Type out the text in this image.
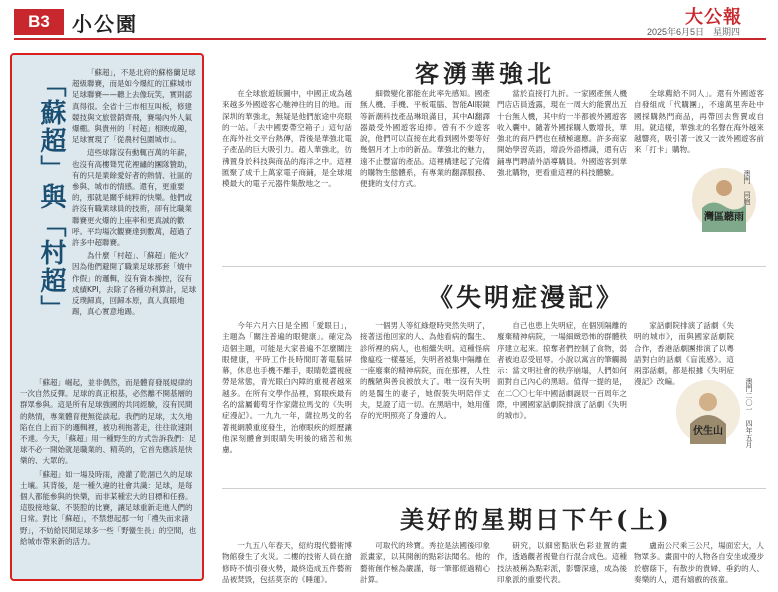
B3	小公園	大公報
2025年6月5日　星期四
「蘇超」與「村超」	「蘇超」，不是北府的蘇格蘭足球超級聯賽，而是如今爆紅的江蘇城市足球聯賽——聽上去像玩笑，實則認真得很。全省十三市相互叫板，修建競技與文旅營銷齊飛，賽場內外人氣爆棚。與貴州的「村超」相映成趣，足球實現了「從農村包圍城市」。

這些球隊沒有動輒百萬的年薪，也沒有高樓聳咒花裡繡的團隊贊助，有的只是業餘愛好者的熱情、社區的參與、城市的情感。還有，更重要的，那就是關乎純粹的快樂。他們或許沒有職業球員的技術，卻有比職業聯賽更火爆的上座率和更真誠的歡呼。平均場次觀賽達到數萬，超過了許多中超聯賽。

為什麼「村超」、「蘇超」能火？因為他們避開了職業足球那套「燒中作假」的邏輯，沒有資本操控，沒有成績KPI，去除了各種功利算計，足球反璞歸真，回歸本原，真人真眼地踢，真心實意地踢。

「蘇超」崛起，並非偶然，而是體育發展規律的一次自然反彈。足球的真正根基，必然離不開基層的群眾參與。這是所有足球強國的共同經驗，沒有民間的熱情，專業體育便無從談起。我們的足球，太久地陷在自上而下的邏輯裡，被功利拖著走，往往欲速則不達。今天，「蘇超」用一種野生的方式告訴我們：足球不必一開始就是職業的、精英的，它首先應該是快樂的、大眾的。

「蘇超」如一場及時雨，澆灌了乾涸已久的足球土壤。其背後，是一種久違的社會共識：足球，是每個人都能參與的快樂，而非某種宏大的目標和任務。這股接地氣、不裝腔的比賽，讓足球重新走進人們的日常。對比「蘇超」，不禁想起那一句「禮失而求諸野」，不妨給民間足球多一些「野蠻生長」的空間，也給城市帶來新的活力。

客湧華強北

在全球旅遊版圖中，中國正成為越來越多外國遊客心馳神往的目的地。而深圳的華強北，無疑是他們旅途中亮眼的一站。「去中國要帶空箱子」這句話在海外社交平台熱傳，背後是華強北電子產品的巨大吸引力。趙人華強北，彷彿置身於科技與商品的海洋之中。這裡匯聚了成千上萬家電子商鋪，是全球規模最大的電子元器件集散地之一。

細微變化都能在此率先感知。國產無人機、手機、平板電腦、智能AI眼鏡等新潮科技產品琳琅滿目，其中AI翻譯器最受外國遊客追捧。曾有不少遊客說，他們可以直接在此看到國外要等好幾個月才上市的新品。華強北的魅力，遠不止豐富的產品。這裡構建起了完備的購物生態體系，有專業的翻譯服務、便捷的支付方式。

當於直接打九折。一家國產無人機門店店員透露，現在一周大約能賣出五十台無人機，其中約一半都被外國遊客收入囊中。隨著外國採購人數增長，華強北的商戶們也在積極適應。許多商家開始學習英語，增設外語標識，還有店鋪專門聘請外語導購員。外國遊客到華強北購物，更看重這裡的科技體驗。

全球薦給不同人」。還有外國遊客自發組成「代購團」，不遠萬里奔赴中國採購熱門商品，再帶回去售賣或自用。就這樣，華強北的名聲在海外越來越響亮，吸引著一波又一波外國遊客前來「打卡」購物。

灣區聽雨
澳門　同胞
《失明症漫記》

今年六月六日是全國「愛眼日」，主題為「關注普遍的眼健康」。確定為這個主題，可能是大家普遍不怎麼關注眼健康，平時工作長時間盯著電腦屏幕，休息也手機不離手，眼睛乾澀視疲勞是常態，青光眼白內障的重視者越來越多。在所有文學作品裡，寫眼疾最有名的當屬葡萄牙作家薩拉馬戈的《失明症漫記》。一九九一年，薩拉馬戈的名著視網膜重度發生，治療眼疾的經歷讓他深刻體會到眼睛失明後的痛苦和焦慮。

一個男人等紅綠燈時突然失明了，接著送他回家的人、為他看病的醫生、診所裡的病人，也相繼失明。這種怪病像瘟疫一樣蔓延，失明者被集中隔離在一座廢棄的精神病院，而在那裡，人性的醜陋與善良被放大了。唯一沒有失明的是醫生的妻子，她假裝失明陪伴丈夫，見證了這一切。在黑暗中，她用僅存的光明照亮了身邊的人。

自己也患上失明症，在個別隔離的廢棄精神病院，一場細緻恐怖的群體秩序建立起來。掠奪者們控制了食物，弱者被迫忍受屈辱。小說以寓言的筆觸揭示：當文明社會的秩序崩塌，人們如何面對自己內心的黑暗。值得一提的是，在二〇〇七年中國話劇誕辰一百周年之際，中國國家話劇院排演了話劇《失明的城市》。

家話劇院排演了話劇《失明的城市》，而與國家話劇院合作，香港話劇團排演了以粵語對白的話劇《盲流感》。這兩部話劇，都是根據《失明症漫記》改編。

伏生山	澳門二〇一　四年五月
美好的星期日下午(上)

一九五八年春天，紹約現代藝術博物館發生了火災。二樓的技術人員在搶修時不慎引發火勢，最終造成五件藝術品被焚毀，包括莫奈的《睡蓮》。

可取代的珍寶。秀拉是法國後印象派畫家，以其開創的點彩法聞名。他的藝術創作極為嚴謹，每一筆都經過精心計算。

研究，以細密點狀色彩並置的畫作，透過觀者視覺自行混合成色。這種技法被稱為點彩派，影響深遠，成為後印象派的重要代表。

盧南公尺乘三公尺，場面宏大，人物眾多。畫面中的人物各自安坐或漫步於樹蔭下，有散步的貴婦、垂釣的人、奏樂的人，還有嬉戲的孩童。
